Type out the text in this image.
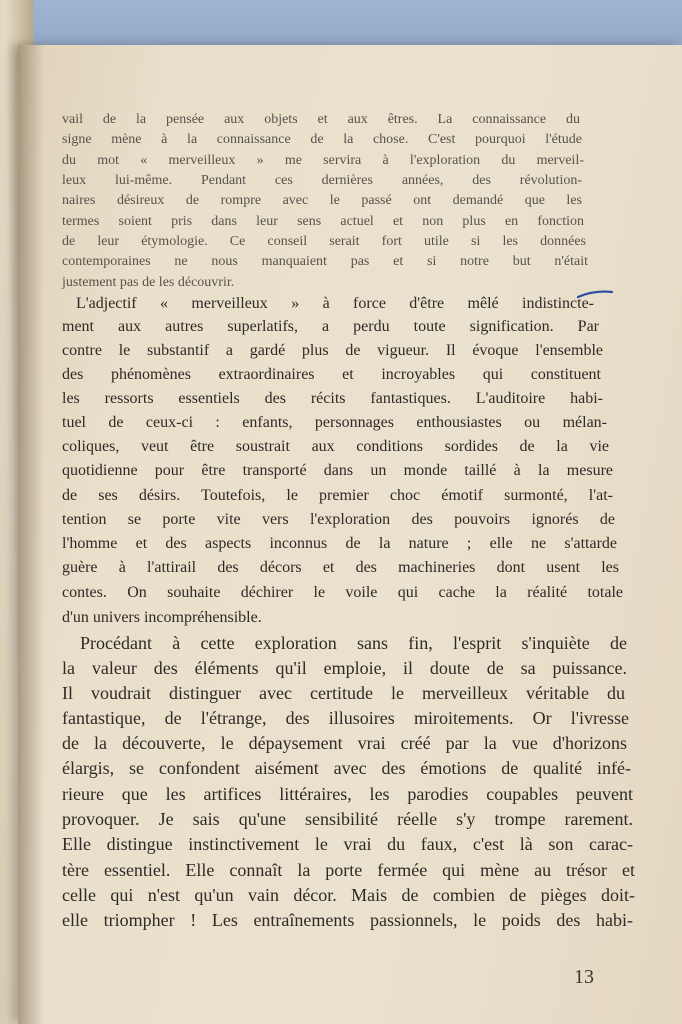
vail de la pensée aux objets et aux êtres. La connaissance du
signe mène à la connaissance de la chose. C'est pourquoi l'étude
du mot « merveilleux » me servira à l'exploration du merveil-
leux lui-même. Pendant ces dernières années, des révolution-
naires désireux de rompre avec le passé ont demandé que les
termes soient pris dans leur sens actuel et non plus en fonction
de leur étymologie. Ce conseil serait fort utile si les données
contemporaines ne nous manquaient pas et si notre but n'était
justement pas de les découvrir.
L'adjectif « merveilleux » à force d'être mêlé indistincte-
ment aux autres superlatifs, a perdu toute signification. Par
contre le substantif a gardé plus de vigueur. Il évoque l'ensemble
des phénomènes extraordinaires et incroyables qui constituent
les ressorts essentiels des récits fantastiques. L'auditoire habi-
tuel de ceux-ci : enfants, personnages enthousiastes ou mélan-
coliques, veut être soustrait aux conditions sordides de la vie
quotidienne pour être transporté dans un monde taillé à la mesure
de ses désirs. Toutefois, le premier choc émotif surmonté, l'at-
tention se porte vite vers l'exploration des pouvoirs ignorés de
l'homme et des aspects inconnus de la nature ; elle ne s'attarde
guère à l'attirail des décors et des machineries dont usent les
contes. On souhaite déchirer le voile qui cache la réalité totale
d'un univers incompréhensible.
Procédant à cette exploration sans fin, l'esprit s'inquiète de
la valeur des éléments qu'il emploie, il doute de sa puissance.
Il voudrait distinguer avec certitude le merveilleux véritable du
fantastique, de l'étrange, des illusoires miroitements. Or l'ivresse
de la découverte, le dépaysement vrai créé par la vue d'horizons
élargis, se confondent aisément avec des émotions de qualité infé-
rieure que les artifices littéraires, les parodies coupables peuvent
provoquer. Je sais qu'une sensibilité réelle s'y trompe rarement.
Elle distingue instinctivement le vrai du faux, c'est là son carac-
tère essentiel. Elle connaît la porte fermée qui mène au trésor et
celle qui n'est qu'un vain décor. Mais de combien de pièges doit-
elle triompher ! Les entraînements passionnels, le poids des habi-
13
